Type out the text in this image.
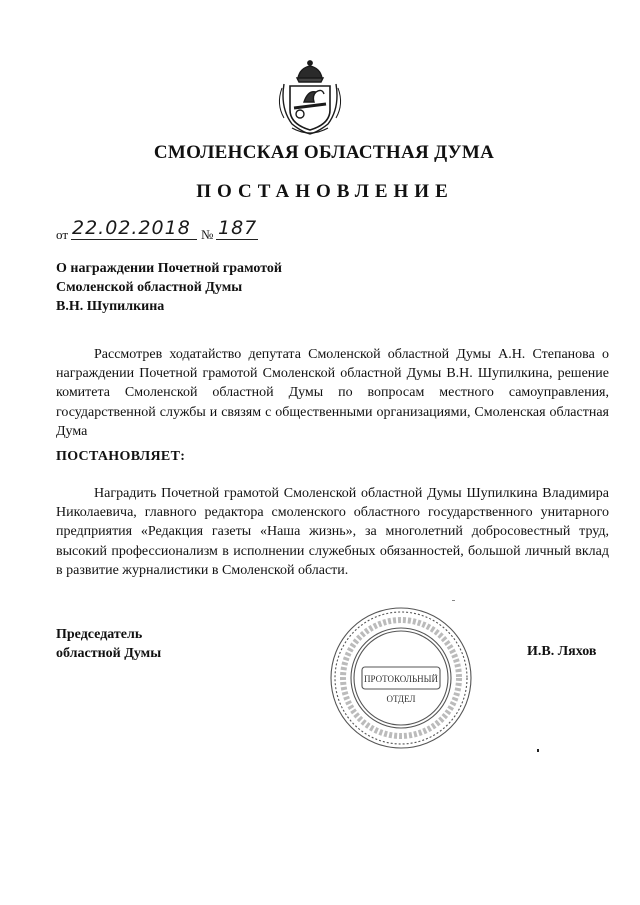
СМОЛЕНСКАЯ ОБЛАСТНАЯ ДУМА
ПОСТАНОВЛЕНИЕ
от 22.02.2018 № 187
О награждении Почетной грамотой
Смоленской областной Думы
В.Н. Шупилкина
Рассмотрев ходатайство депутата Смоленской областной Думы А.Н. Степанова о награждении Почетной грамотой Смоленской областной Думы В.Н. Шупилкина, решение комитета Смоленской областной Думы по вопросам местного самоуправления, государственной службы и связям с общественными организациями, Смоленская областная Дума
ПОСТАНОВЛЯЕТ:
Наградить Почетной грамотой Смоленской областной Думы Шупилкина Владимира Николаевича, главного редактора смоленского областного государственного унитарного предприятия «Редакция газеты «Наша жизнь», за многолетний добросовестный труд, высокий профессионализм в исполнении служебных обязанностей, большой личный вклад в развитие журналистики в Смоленской области.
Председатель
областной Думы	И.В. Ляхов
ПРОТОКОЛЬНЫЙ
ОТДЕЛ
